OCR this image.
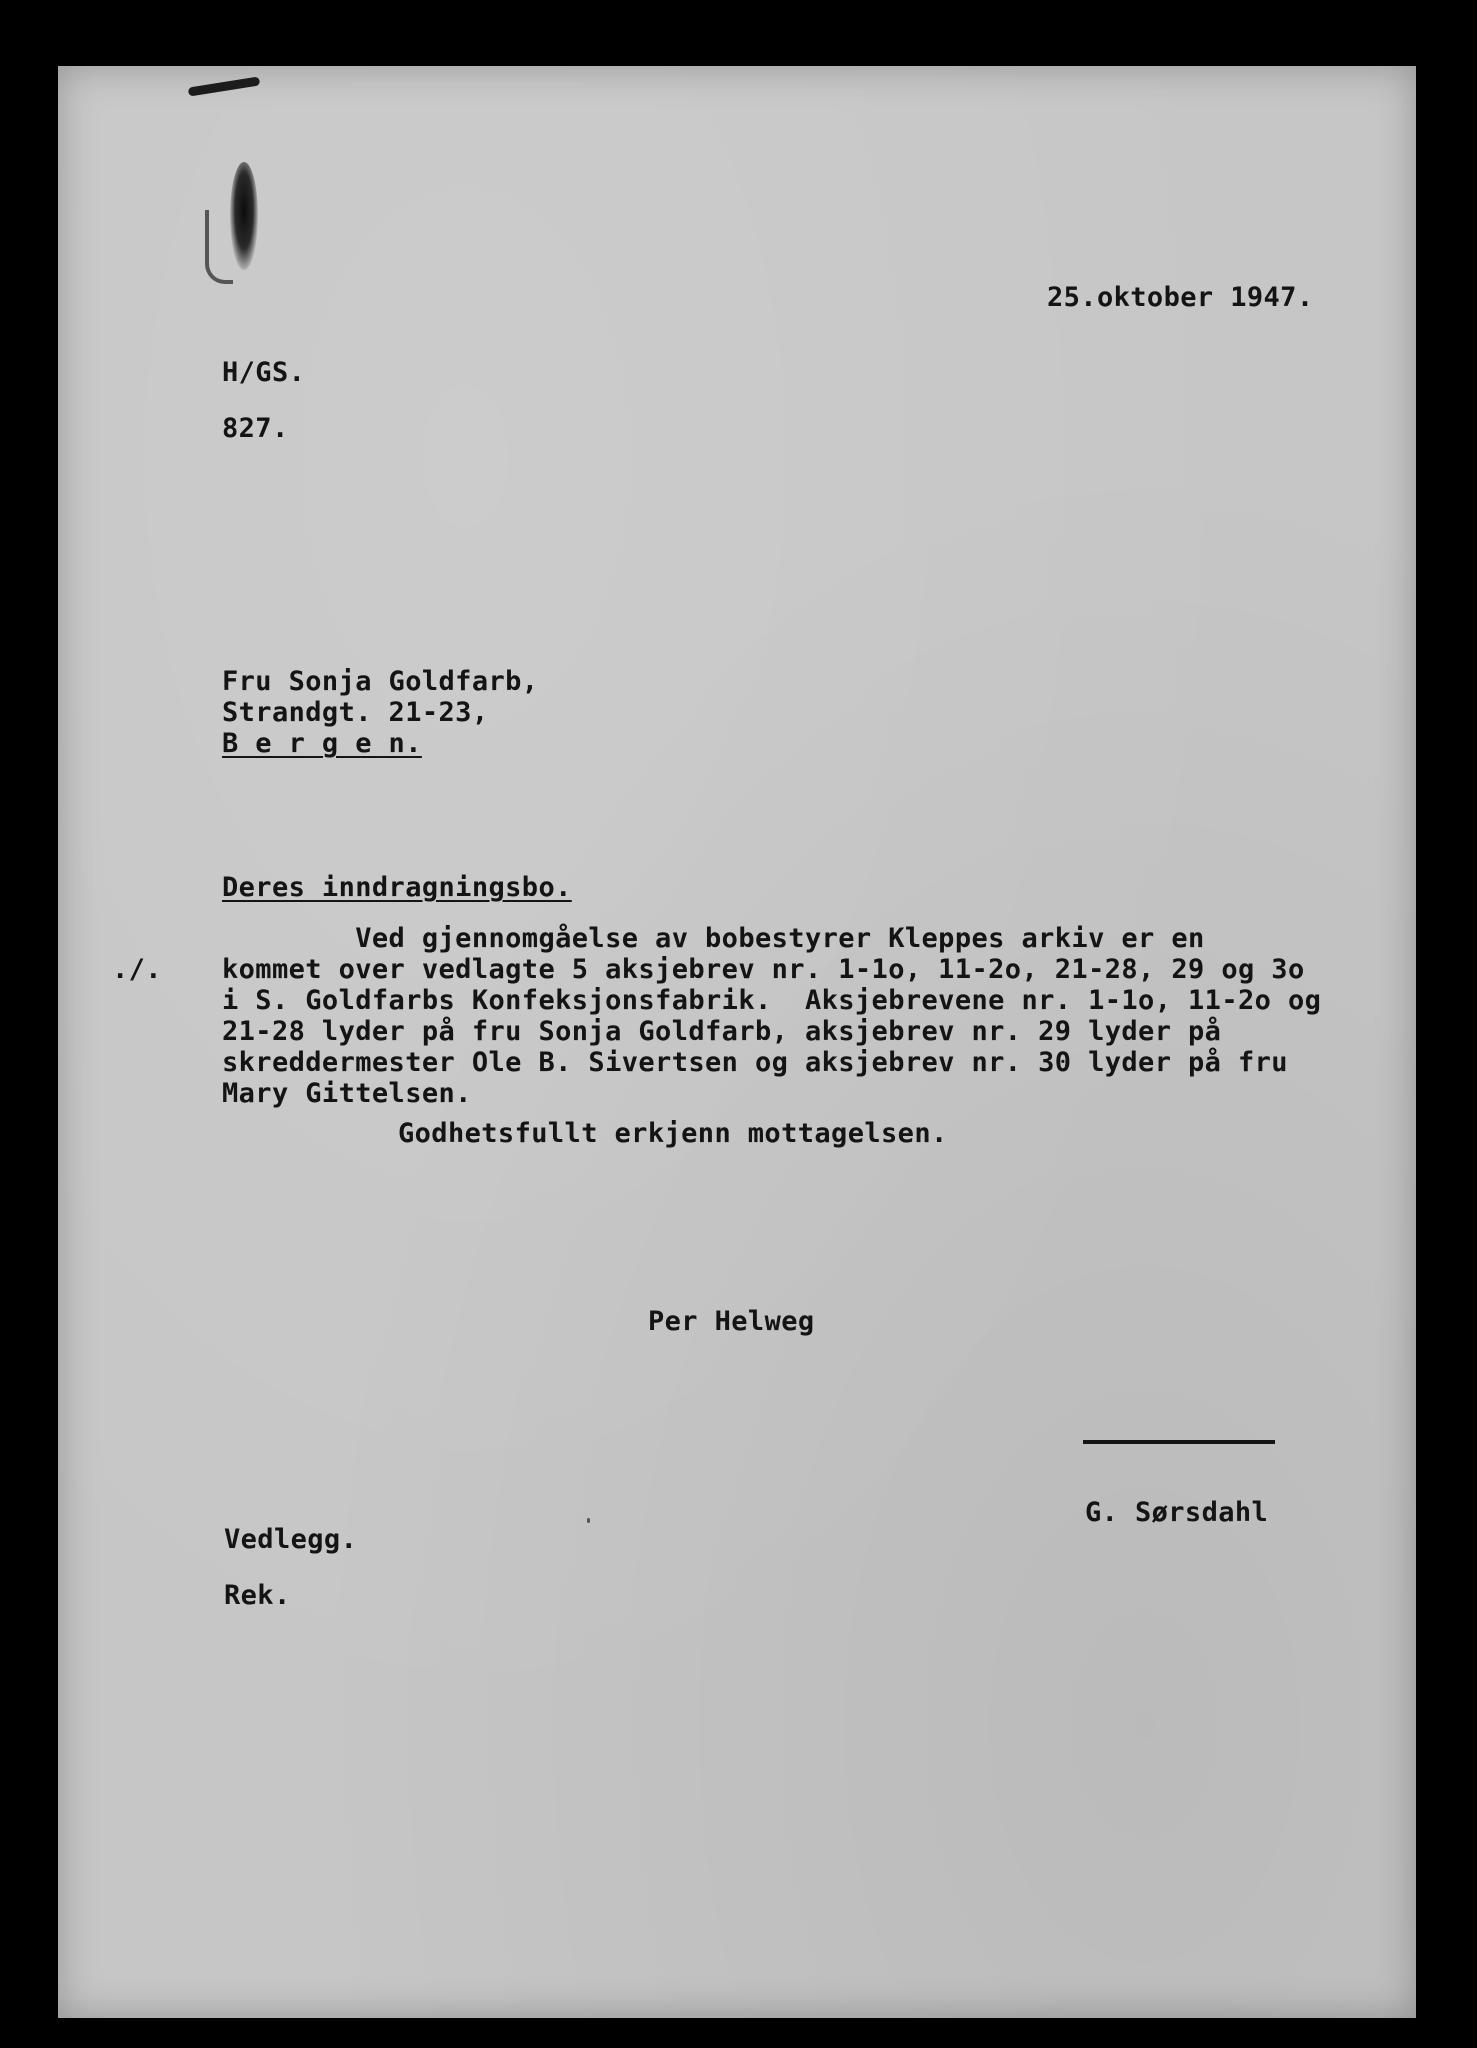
25.oktober 1947.
H/GS.
827.
Fru Sonja Goldfarb,
Strandgt. 21-23,
B e r g e n.
Deres inndragningsbo.
./.
Ved gjennomgåelse av bobestyrer Kleppes arkiv er en
kommet over vedlagte 5 aksjebrev nr. 1-1o, 11-2o, 21-28, 29 og 3o
i S. Goldfarbs Konfeksjonsfabrik.  Aksjebrevene nr. 1-1o, 11-2o og
21-28 lyder på fru Sonja Goldfarb, aksjebrev nr. 29 lyder på
skreddermester Ole B. Sivertsen og aksjebrev nr. 30 lyder på fru
Mary Gittelsen.
Godhetsfullt erkjenn mottagelsen.
Per Helweg
G. Sørsdahl
Vedlegg.
Rek.
